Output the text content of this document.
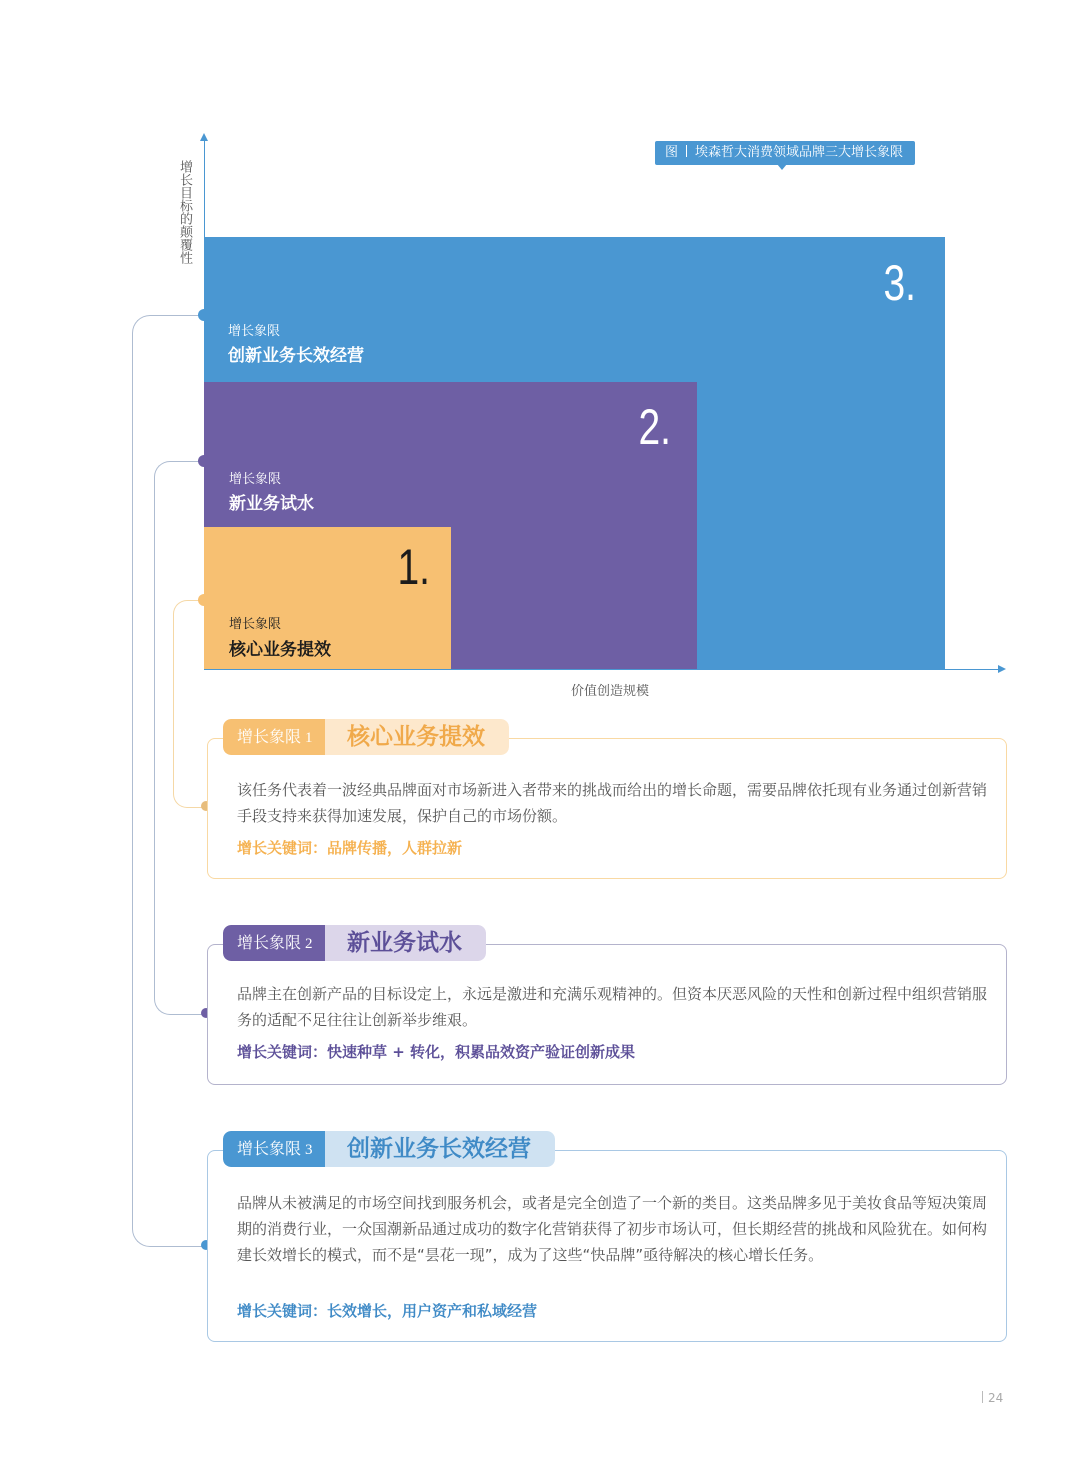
增长目标的颠覆性
价值创造规模
图 埃森哲大消费领域品牌三大增长象限
3.
增长象限
创新业务长效经营
2.
增长象限
新业务试水
1.
增长象限
核心业务提效
增长象限 1	核心业务提效
该任务代表着一波经典品牌面对市场新进入者带来的挑战而给出的增长命题，需要品牌依托现有业务通过创新营销手段支持来获得加速发展，保护自己的市场份额。
增长关键词：品牌传播，人群拉新
增长象限 2	新业务试水
品牌主在创新产品的目标设定上，永远是激进和充满乐观精神的。但资本厌恶风险的天性和创新过程中组织营销服务的适配不足往往让创新举步维艰。
增长关键词：快速种草 + 转化，积累品效资产验证创新成果
增长象限 3	创新业务长效经营
品牌从未被满足的市场空间找到服务机会，或者是完全创造了一个新的类目。这类品牌多见于美妆食品等短决策周期的消费行业，一众国潮新品通过成功的数字化营销获得了初步市场认可，但长期经营的挑战和风险犹在。如何构建长效增长的模式，而不是“昙花一现”，成为了这些“快品牌”亟待解决的核心增长任务。
增长关键词：长效增长，用户资产和私域经营
24
